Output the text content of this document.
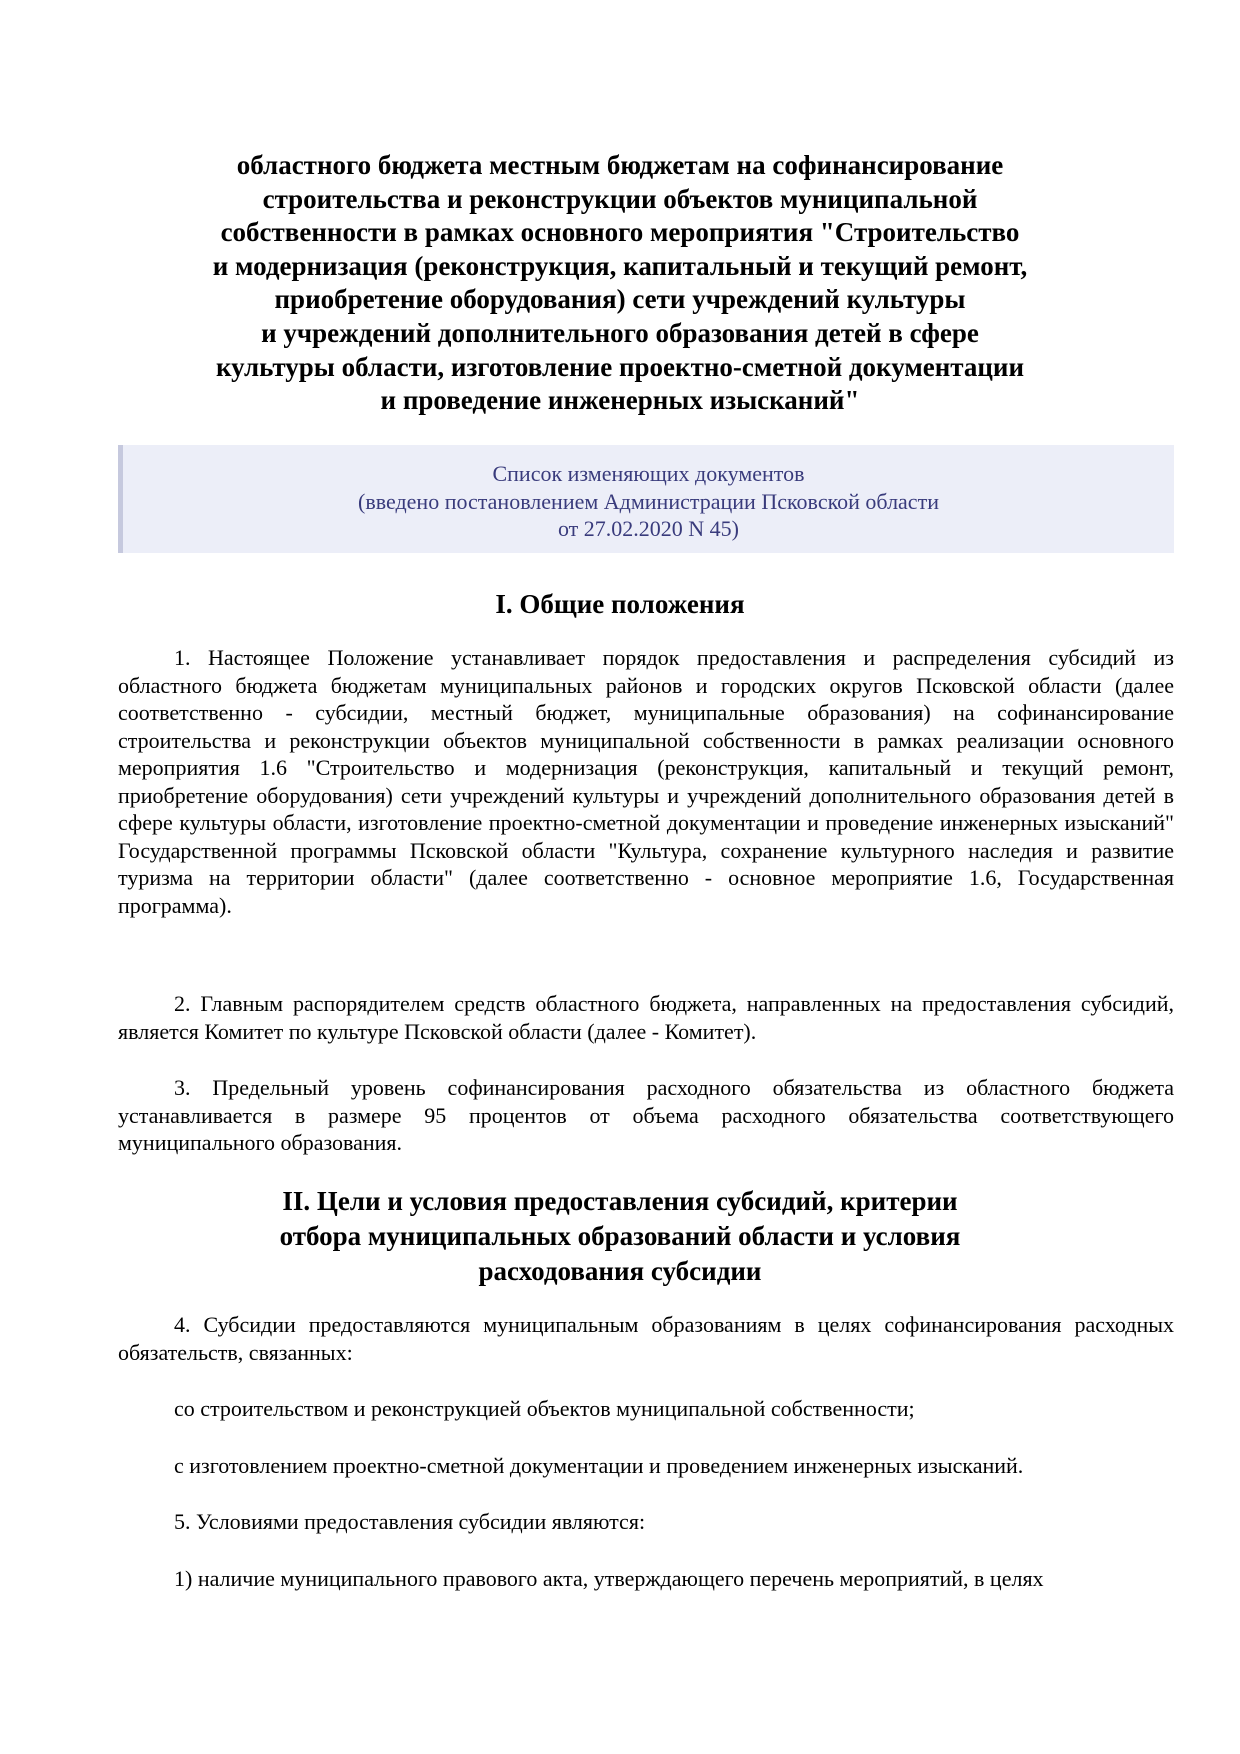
областного бюджета местным бюджетам на софинансирование
строительства и реконструкции объектов муниципальной
собственности в рамках основного мероприятия "Строительство
и модернизация (реконструкция, капитальный и текущий ремонт,
приобретение оборудования) сети учреждений культуры
и учреждений дополнительного образования детей в сфере
культуры области, изготовление проектно-сметной документации
и проведение инженерных изысканий"
Список изменяющих документов
(введено постановлением Администрации Псковской области
от 27.02.2020 N 45)
I. Общие положения

1. Настоящее Положение устанавливает порядок предоставления и распределения субсидий из областного бюджета бюджетам муниципальных районов и городских округов Псковской области (далее соответственно - субсидии, местный бюджет, муниципальные образования) на софинансирование строительства и реконструкции объектов муниципальной собственности в рамках реализации основного мероприятия 1.6 "Строительство и модернизация (реконструкция, капитальный и текущий ремонт, приобретение оборудования) сети учреждений культуры и учреждений дополнительного образования детей в сфере культуры области, изготовление проектно-сметной документации и проведение инженерных изысканий" Государственной программы Псковской области "Культура, сохранение культурного наследия и развитие туризма на территории области" (далее соответственно - основное мероприятие 1.6, Государственная программа).

2. Главным распорядителем средств областного бюджета, направленных на предоставления субсидий, является Комитет по культуре Псковской области (далее - Комитет).

3. Предельный уровень софинансирования расходного обязательства из областного бюджета устанавливается в размере 95 процентов от объема расходного обязательства соответствующего муниципального образования.

II. Цели и условия предоставления субсидий, критерии
отбора муниципальных образований области и условия
расходования субсидии

4. Субсидии предоставляются муниципальным образованиям в целях софинансирования расходных обязательств, связанных:

со строительством и реконструкцией объектов муниципальной собственности;

с изготовлением проектно-сметной документации и проведением инженерных изысканий.

5. Условиями предоставления субсидии являются:

1) наличие муниципального правового акта, утверждающего перечень мероприятий, в целях
